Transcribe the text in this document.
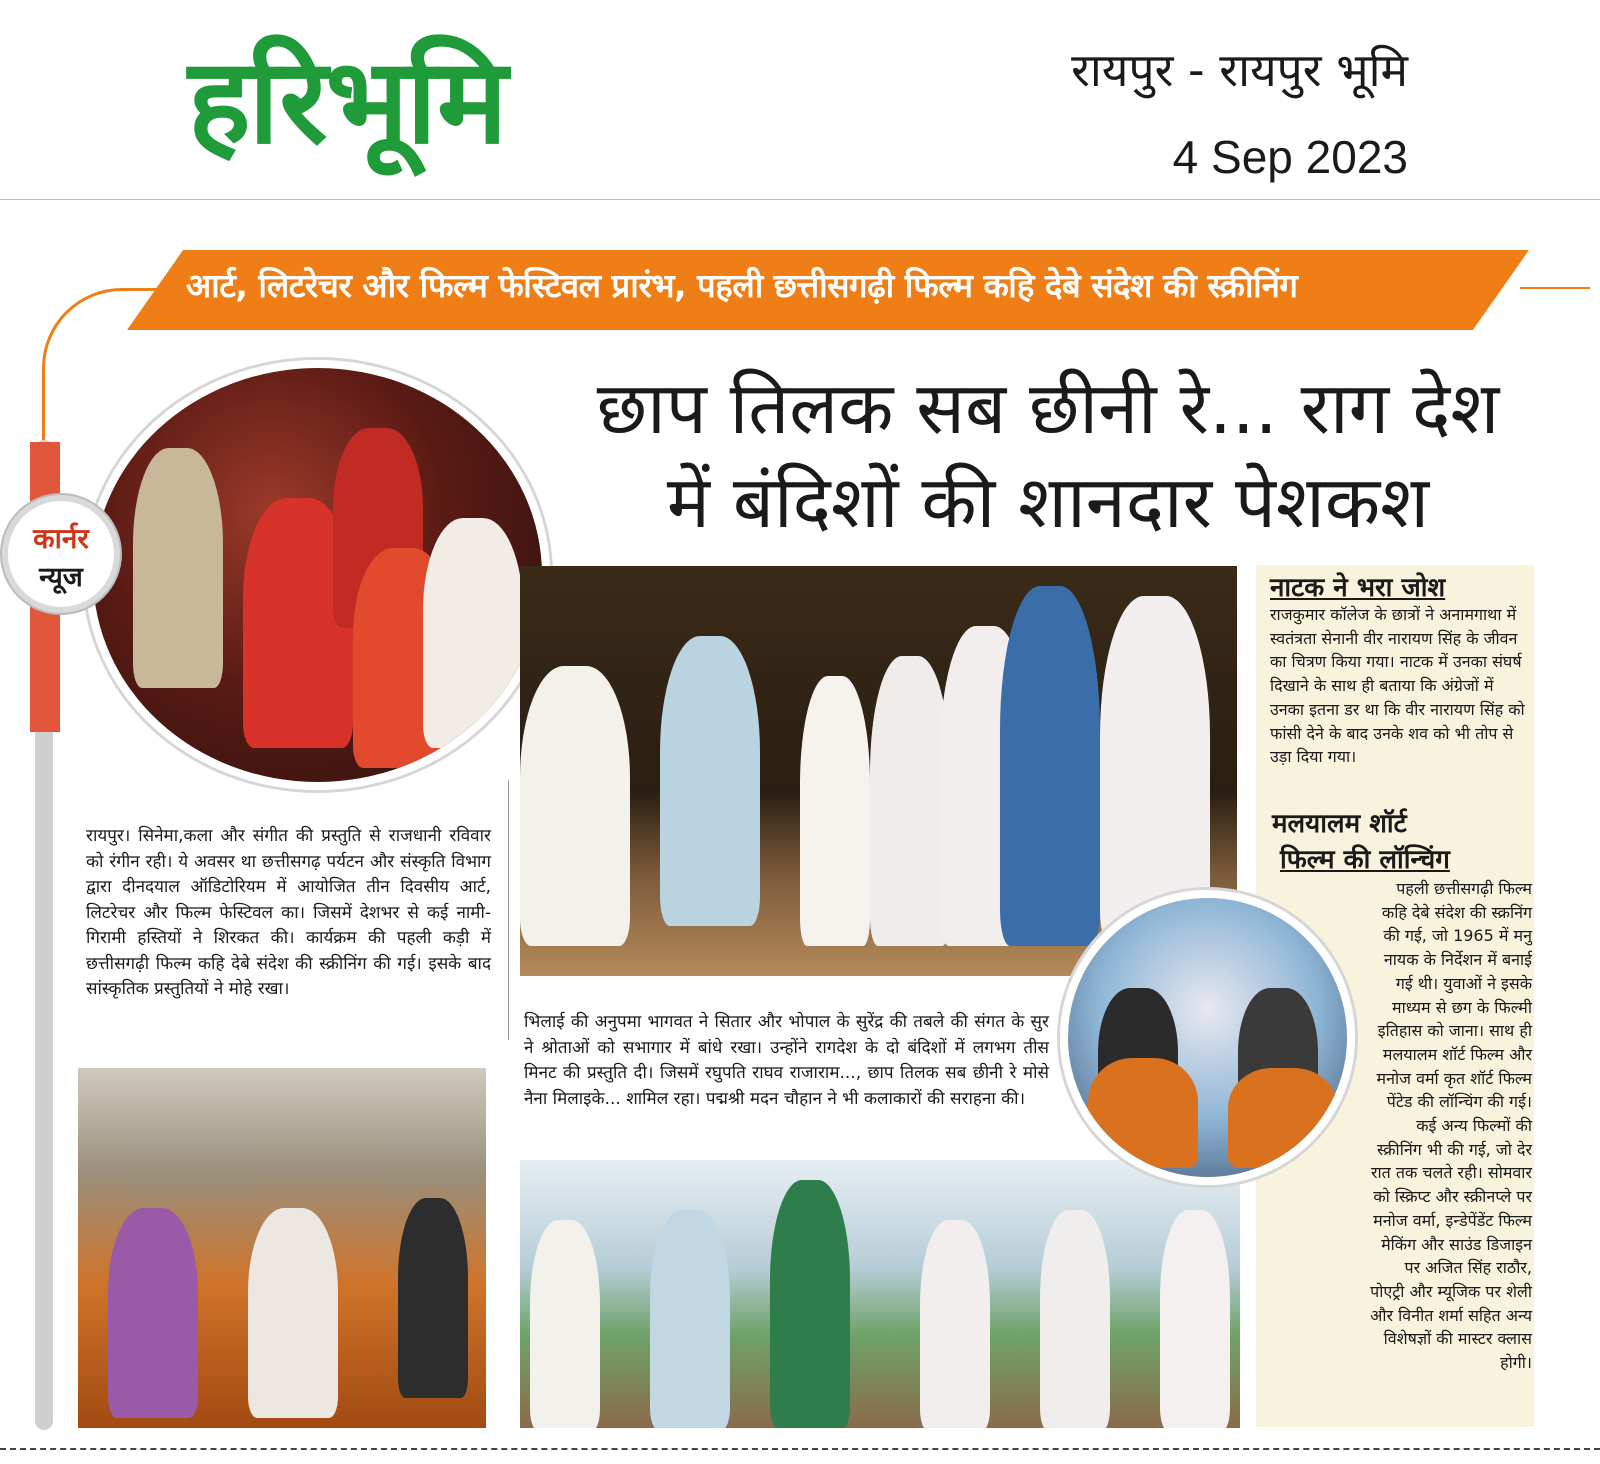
हरिभूमि	रायपुर - रायपुर भूमि
4 Sep 2023
आर्ट, लिटरेचर और फिल्म फेस्टिवल प्रारंभ, पहली छत्तीसगढ़ी फिल्म कहि देबे संदेश की स्क्रीनिंग
छाप तिलक सब छीनी रे... राग देश
में बंदिशों की शानदार पेशकश
कार्नर
न्यूज
रायपुर। सिनेमा,कला और संगीत की प्रस्तुति से राजधानी रविवार को रंगीन रही। ये अवसर था छत्तीसगढ़ पर्यटन और संस्कृति विभाग द्वारा दीनदयाल ऑडिटोरियम में आयोजित तीन दिवसीय आर्ट, लिटरेचर और फिल्म फेस्टिवल का। जिसमें देशभर से कई नामी-गिरामी हस्तियों ने शिरकत की। कार्यक्रम की पहली कड़ी में छत्तीसगढ़ी फिल्म कहि देबे संदेश की स्क्रीनिंग की गई। इसके बाद सांस्कृतिक प्रस्तुतियों ने मोहे रखा।
भिलाई की अनुपमा भागवत ने सितार और भोपाल के सुरेंद्र की तबले की संगत के सुर ने श्रोताओं को सभागार में बांधे रखा। उन्होंने रागदेश के दो बंदिशों में लगभग तीस मिनट की प्रस्तुति दी। जिसमें रघुपति राघव राजाराम..., छाप तिलक सब छीनी रे मोसे नैना मिलाइके... शामिल रहा। पद्मश्री मदन चौहान ने भी कलाकारों की सराहना की।
नाटक ने भरा जोश
राजकुमार कॉलेज के छात्रों ने अनामगाथा में स्वतंत्रता सेनानी वीर नारायण सिंह के जीवन का चित्रण किया गया। नाटक में उनका संघर्ष दिखाने के साथ ही बताया कि अंग्रेजों में उनका इतना डर था कि वीर नारायण सिंह को फांसी देने के बाद उनके शव को भी तोप से उड़ा दिया गया।
मलयालम शॉर्ट
फिल्म की लॉन्चिंग
पहली छत्तीसगढ़ी फिल्म कहि देबे संदेश की स्क्रनिंग की गई, जो 1965 में मनु नायक के निर्देशन में बनाई गई थी। युवाओं ने इसके माध्यम से छग के फिल्मी इतिहास को जाना। साथ ही मलयालम शॉर्ट फिल्म और मनोज वर्मा कृत शॉर्ट फिल्म पेंटेड की लॉन्चिंग की गई। कई अन्य फिल्मों की स्क्रीनिंग भी की गई, जो देर रात तक चलते रही। सोमवार को स्क्रिप्ट और स्क्रीनप्ले पर मनोज वर्मा, इन्डेपेंडेंट फिल्म मेकिंग और साउंड डिजाइन पर अजित सिंह राठौर, पोएट्री और म्यूजिक पर शेली और विनीत शर्मा सहित अन्य विशेषज्ञों की मास्टर क्लास होगी।
